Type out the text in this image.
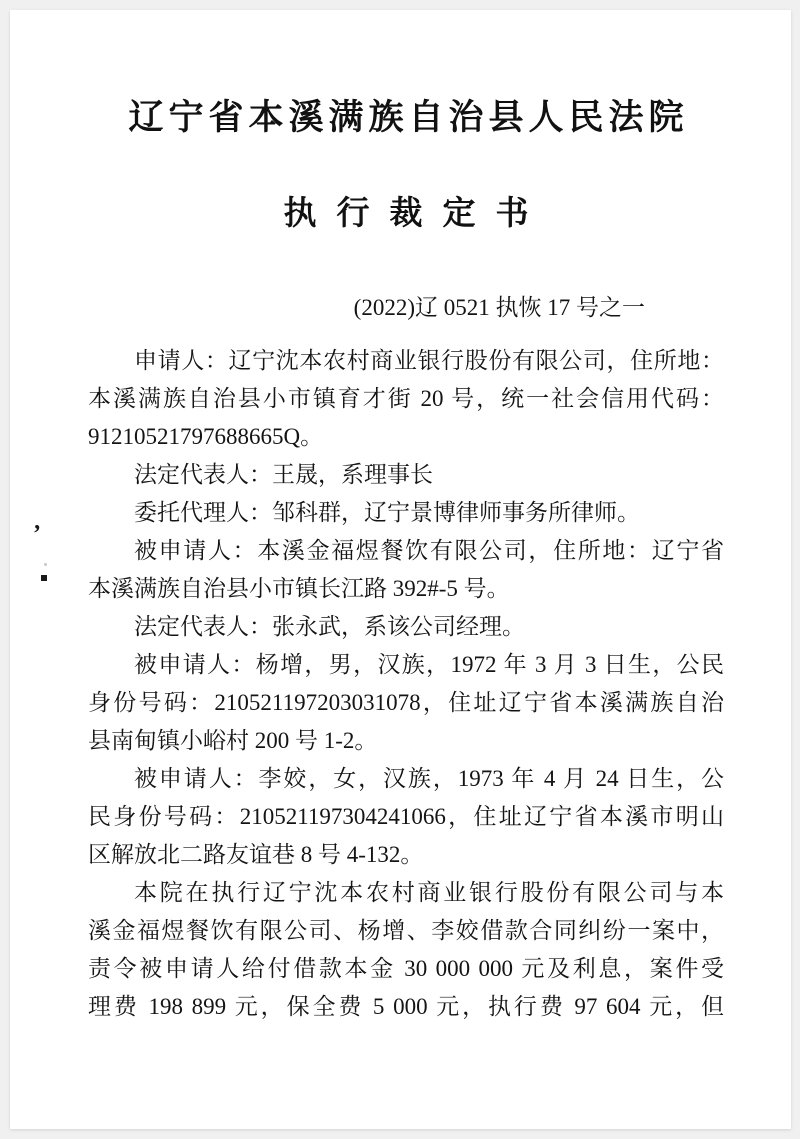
’
辽宁省本溪满族自治县人民法院
执行裁定书
(2022)辽 0521 执恢 17 号之一
申请人：辽宁沈本农村商业银行股份有限公司，住所地：
本溪满族自治县小市镇育才街 20 号，统一社会信用代码：
91210521797688665Q。
法定代表人：王晟，系理事长
委托代理人：邹科群，辽宁景博律师事务所律师。
被申请人：本溪金福煜餐饮有限公司，住所地：辽宁省
本溪满族自治县小市镇长江路 392#-5 号。
法定代表人：张永武，系该公司经理。
被申请人：杨增，男，汉族，1972 年 3 月 3 日生，公民
身份号码：210521197203031078，住址辽宁省本溪满族自治
县南甸镇小峪村 200 号 1-2。
被申请人：李姣，女，汉族，1973 年 4 月 24 日生，公
民身份号码：210521197304241066，住址辽宁省本溪市明山
区解放北二路友谊巷 8 号 4-132。
本院在执行辽宁沈本农村商业银行股份有限公司与本
溪金福煜餐饮有限公司、杨增、李姣借款合同纠纷一案中，
责令被申请人给付借款本金 30 000 000 元及利息，案件受
理费 198 899 元，保全费 5 000 元，执行费 97 604 元，但
